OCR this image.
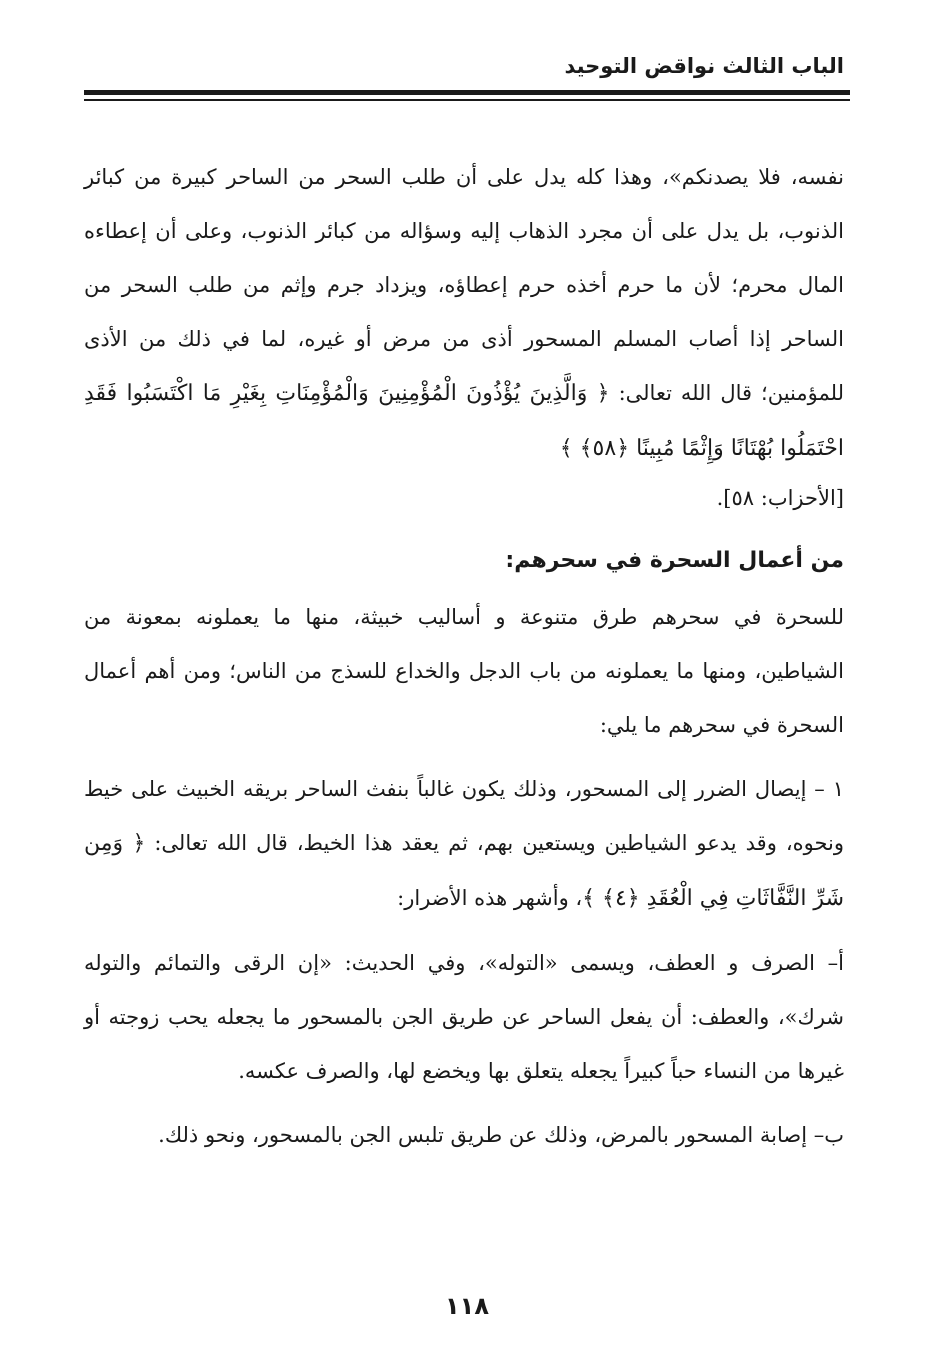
الباب الثالث نواقض التوحيد

نفسه، فلا يصدنكم»، وهذا كله يدل على أن طلب السحر من الساحر كبيرة من كبائر الذنوب، بل يدل على أن مجرد الذهاب إليه وسؤاله من كبائر الذنوب، وعلى أن إعطاءه المال محرم؛ لأن ما حرم أخذه حرم إعطاؤه، ويزداد جرم وإثم من طلب السحر من الساحر إذا أصاب المسلم المسحور أذى من مرض أو غيره، لما في ذلك من الأذى للمؤمنين؛ قال الله تعالى: ﴿ وَالَّذِينَ يُؤْذُونَ الْمُؤْمِنِينَ وَالْمُؤْمِنَاتِ بِغَيْرِ مَا اكْتَسَبُوا فَقَدِ احْتَمَلُوا بُهْتَانًا وَإِثْمًا مُبِينًا ﴿٥٨﴾ ﴾

[الأحزاب: ٥٨].

من أعمال السحرة في سحرهم:

للسحرة في سحرهم طرق متنوعة و أساليب خبيثة، منها ما يعملونه بمعونة من الشياطين، ومنها ما يعملونه من باب الدجل والخداع للسذج من الناس؛ ومن أهم أعمال السحرة في سحرهم ما يلي:

١ – إيصال الضرر إلى المسحور، وذلك يكون غالباً بنفث الساحر بريقه الخبيث على خيط ونحوه، وقد يدعو الشياطين ويستعين بهم، ثم يعقد هذا الخيط، قال الله تعالى: ﴿ وَمِن شَرِّ النَّفَّاثَاتِ فِي الْعُقَدِ ﴿٤﴾ ﴾، وأشهر هذه الأضرار:

أ– الصرف و العطف، ويسمى «التوله»، وفي الحديث: «إن الرقى والتمائم والتوله شرك»، والعطف: أن يفعل الساحر عن طريق الجن بالمسحور ما يجعله يحب زوجته أو غيرها من النساء حباً كبيراً يجعله يتعلق بها ويخضع لها، والصرف عكسه.

ب– إصابة المسحور بالمرض، وذلك عن طريق تلبس الجن بالمسحور، ونحو ذلك.

١١٨
